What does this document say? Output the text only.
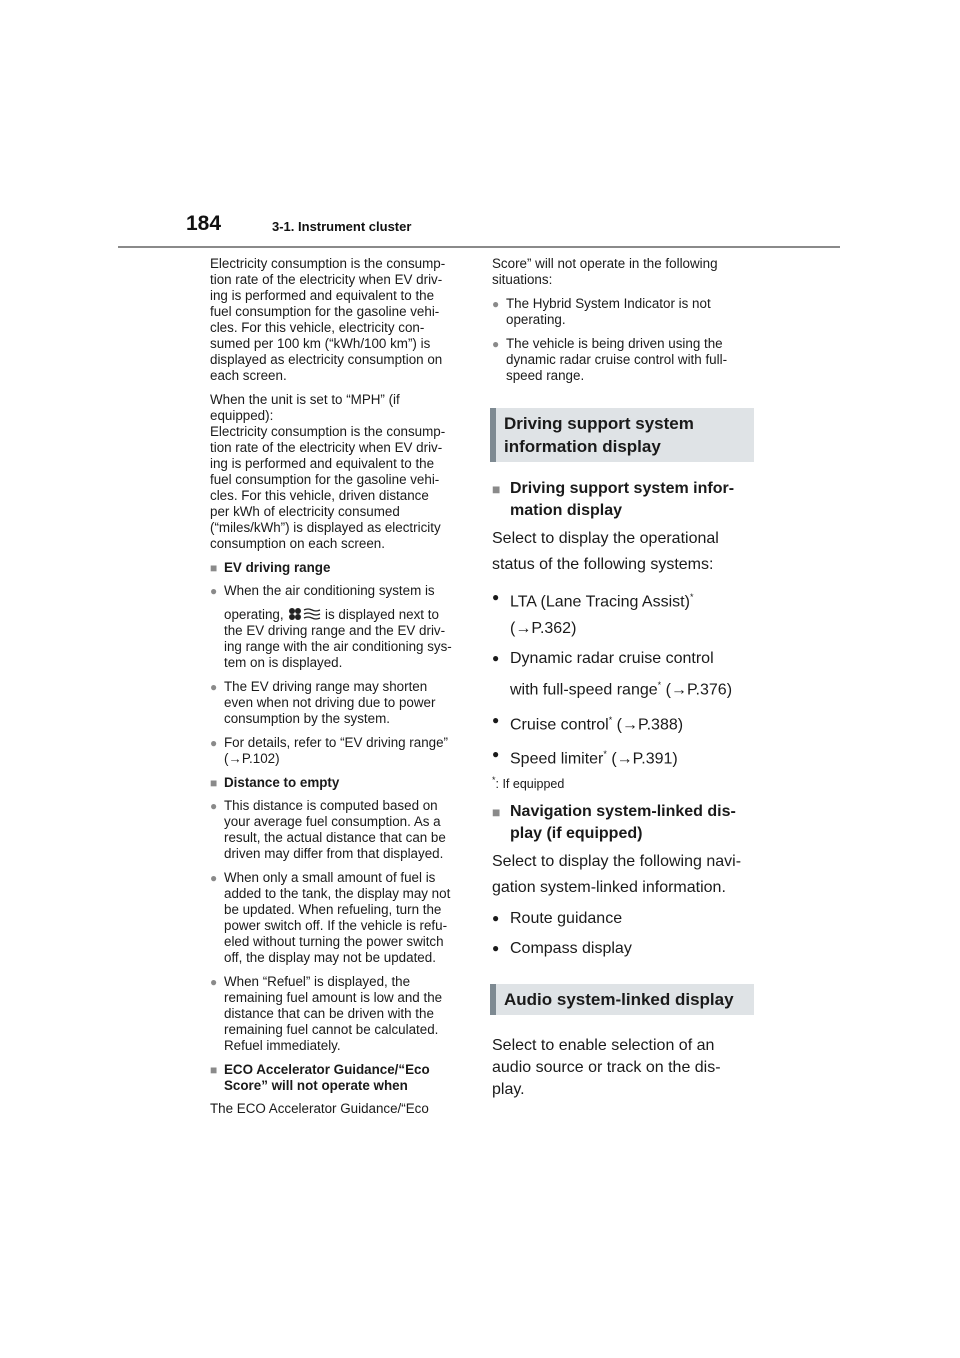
184	3-1. Instrument cluster
Electricity consumption is the consump-
tion rate of the electricity when EV driv-
ing is performed and equivalent to the
fuel consumption for the gasoline vehi-
cles. For this vehicle, electricity con-
sumed per 100 km (“kWh/100 km”) is
displayed as electricity consumption on
each screen.
When the unit is set to “MPH” (if
equipped):
Electricity consumption is the consump-
tion rate of the electricity when EV driv-
ing is performed and equivalent to the
fuel consumption for the gasoline vehi-
cles. For this vehicle, driven distance
per kWh of electricity consumed
(“miles/kWh”) is displayed as electricity
consumption on each screen.
■ EV driving range
● When the air conditioning system is
operating,	is displayed next to
the EV driving range and the EV driv-
ing range with the air conditioning sys-
tem on is displayed.
● The EV driving range may shorten
even when not driving due to power
consumption by the system.
● For details, refer to “EV driving range”
(→P.102)
■ Distance to empty
● This distance is computed based on
your average fuel consumption. As a
result, the actual distance that can be
driven may differ from that displayed.
● When only a small amount of fuel is
added to the tank, the display may not
be updated. When refueling, turn the
power switch off. If the vehicle is refu-
eled without turning the power switch
off, the display may not be updated.
● When “Refuel” is displayed, the
remaining fuel amount is low and the
distance that can be driven with the
remaining fuel cannot be calculated.
Refuel immediately.
■ ECO Accelerator Guidance/“Eco
Score” will not operate when
The ECO Accelerator Guidance/“Eco
Score” will not operate in the following
situations:
● The Hybrid System Indicator is not
operating.
● The vehicle is being driven using the
dynamic radar cruise control with full-
speed range.
Driving support system
information display
■ Driving support system infor-
mation display
Select to display the operational
status of the following systems:
● LTA (Lane Tracing Assist)*
(→P.362)
● Dynamic radar cruise control
with full-speed range* (→P.376)
● Cruise control* (→P.388)
● Speed limiter* (→P.391)
*: If equipped
■ Navigation system-linked dis-
play (if equipped)
Select to display the following navi-
gation system-linked information.
● Route guidance
● Compass display
Audio system-linked display
Select to enable selection of an
audio source or track on the dis-
play.
